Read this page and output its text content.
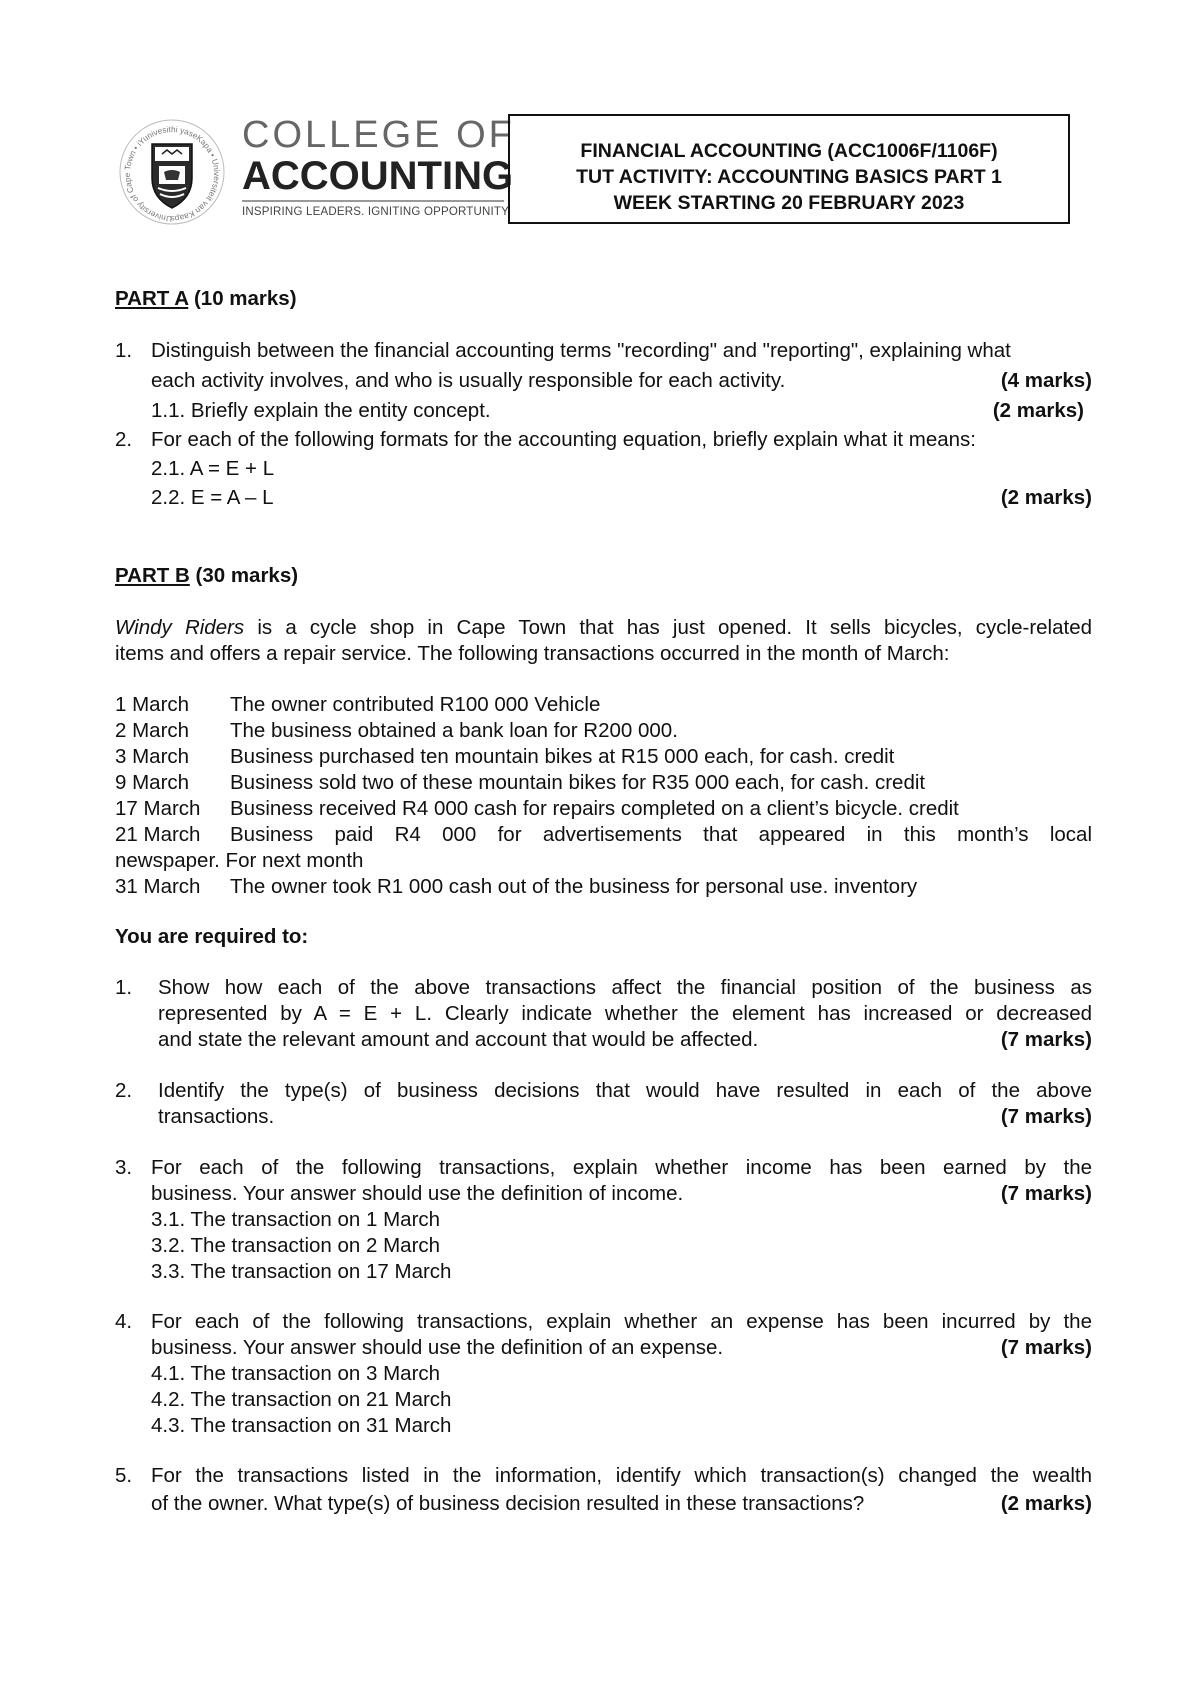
University of Cape Town • iYunivesithi yaseKapa • Universiteit van Kaaps
COLLEGE OF
ACCOUNTING
INSPIRING LEADERS. IGNITING OPPORTUNITY
FINANCIAL ACCOUNTING (ACC1006F/1106F)
TUT ACTIVITY: ACCOUNTING BASICS PART 1
WEEK STARTING 20 FEBRUARY 2023
PART A (10 marks)
1. Distinguish between the financial accounting terms "recording" and "reporting", explaining what
each activity involves, and who is usually responsible for each activity.	(4 marks)
1.1. Briefly explain the entity concept.	(2 marks)
2. For each of the following formats for the accounting equation, briefly explain what it means:
2.1. A = E + L
2.2. E = A – L	(2 marks)
PART B (30 marks)
Windy Riders is a cycle shop in Cape Town that has just opened. It sells bicycles, cycle-related
items and offers a repair service. The following transactions occurred in the month of March:
1 March The owner contributed R100 000 Vehicle
2 March The business obtained a bank loan for R200 000.
3 March Business purchased ten mountain bikes at R15 000 each, for cash. credit
9 March Business sold two of these mountain bikes for R35 000 each, for cash. credit
17 March Business received R4 000 cash for repairs completed on a client’s bicycle. credit
21 March Business paid R4 000 for advertisements that appeared in this month’s local
newspaper. For next month
31 March The owner took R1 000 cash out of the business for personal use. inventory
You are required to:
1. Show how each of the above transactions affect the financial position of the business as
represented by A = E + L. Clearly indicate whether the element has increased or decreased
and state the relevant amount and account that would be affected.	(7 marks)
2. Identify the type(s) of business decisions that would have resulted in each of the above
transactions.	(7 marks)
3. For each of the following transactions, explain whether income has been earned by the
business. Your answer should use the definition of income.	(7 marks)
3.1. The transaction on 1 March
3.2. The transaction on 2 March
3.3. The transaction on 17 March
4. For each of the following transactions, explain whether an expense has been incurred by the
business. Your answer should use the definition of an expense.	(7 marks)
4.1. The transaction on 3 March
4.2. The transaction on 21 March
4.3. The transaction on 31 March
5. For the transactions listed in the information, identify which transaction(s) changed the wealth
of the owner. What type(s) of business decision resulted in these transactions?	(2 marks)
